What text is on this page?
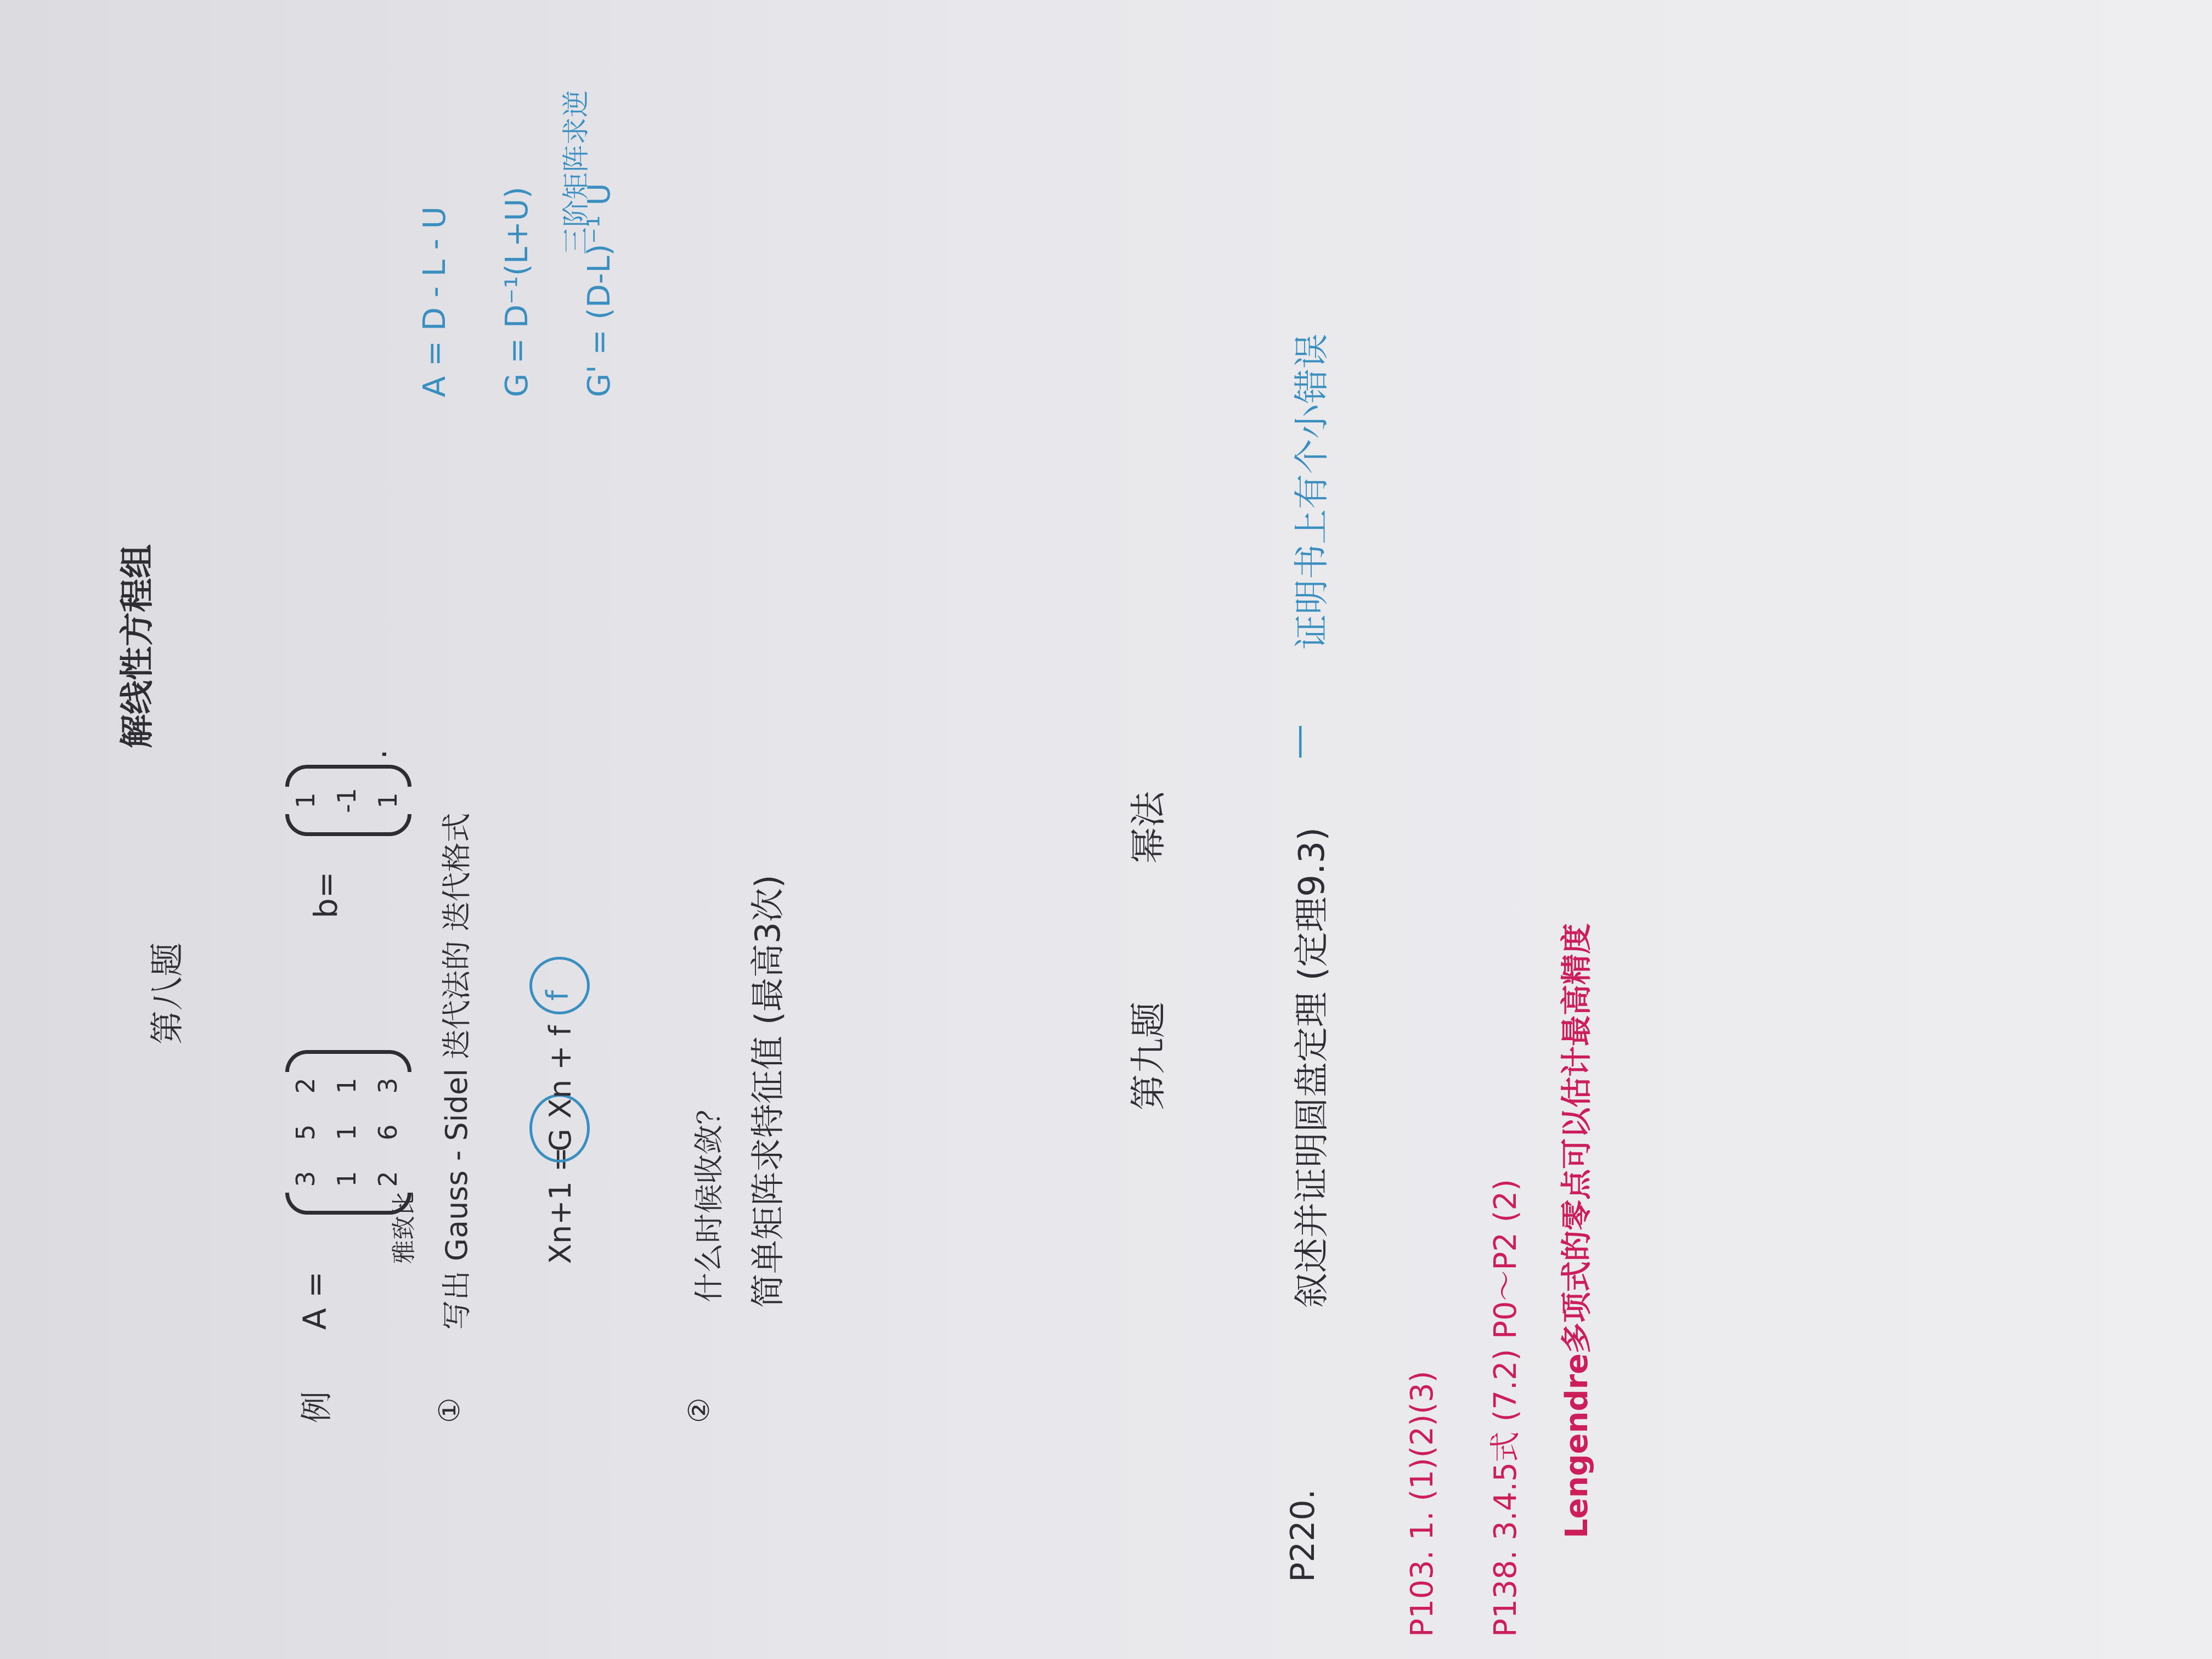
第八题

解线性方程组

例

A =

3
5
2
1
1
1
2
6
3

b=

1 -1 1

.

雅致比

①

写出 Gauss - Sidel 迭代法的 迭代格式 Xn+1 =

G

Xn + f

f

②

什么时候收敛？ 简单矩阵求特征值 (最高3次)

A = D - L - U G = D⁻¹(L+U) G' = (D-L)⁻¹ U

三阶矩阵求逆

第九题

幂法

P220.

叙述并证明圆盘定理 (定理9.3)

—

证明书上有个小错误

P103. 1. (1)(2)(3) P138. 3.4.5式 (7.2) P0～P2 (2) Lengendre多项式的零点可以估计最高精度
